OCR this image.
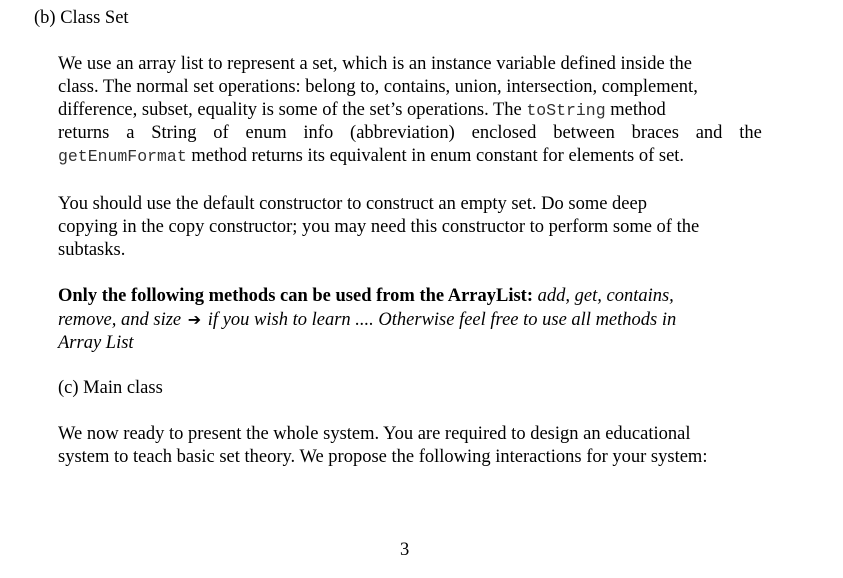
(b) Class Set
We use an array list to represent a set, which is an instance variable defined inside the
class. The normal set operations: belong to, contains, union, intersection, complement,
difference, subset, equality is some of the set’s operations. The toString method
returns a String of enum info (abbreviation) enclosed between braces and the
getEnumFormat method returns its equivalent in enum constant for elements of set.
You should use the default constructor to construct an empty set. Do some deep
copying in the copy constructor; you may need this constructor to perform some of the
subtasks.
Only the following methods can be used from the ArrayList: add, get, contains,
remove, and size ➔ if you wish to learn .... Otherwise feel free to use all methods in
Array List
(c) Main class
We now ready to present the whole system. You are required to design an educational
system to teach basic set theory. We propose the following interactions for your system:
3
